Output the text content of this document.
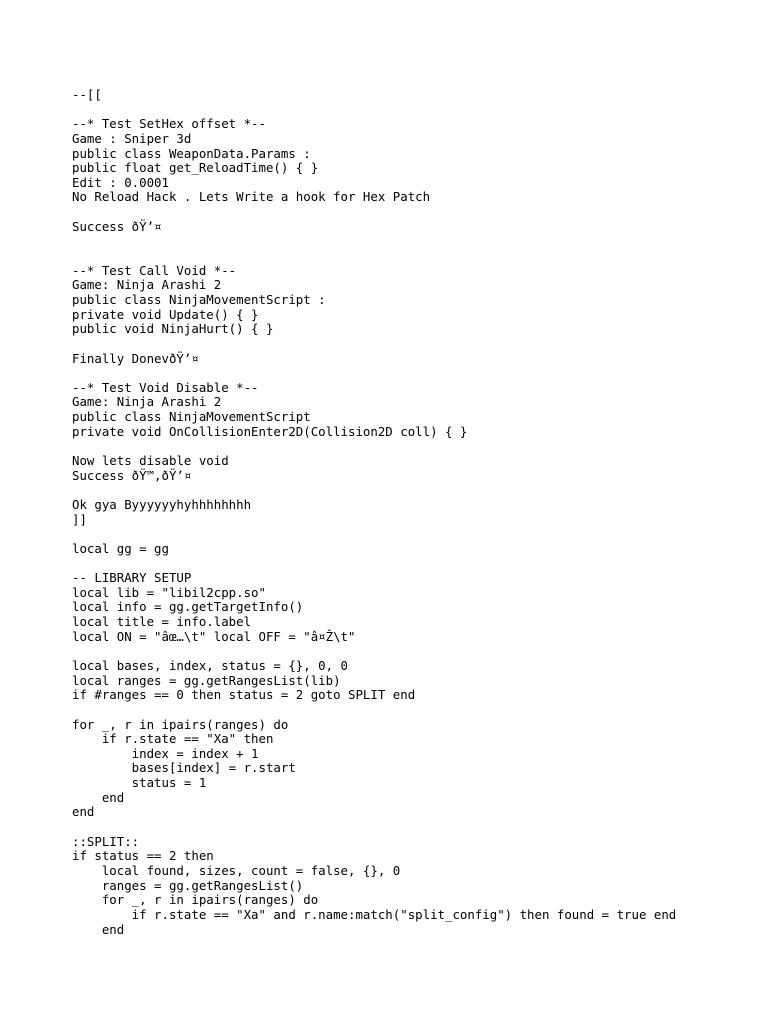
--[[
--* Test SetHex offset *--
Game : Sniper 3d
public class WeaponData.Params :
public float get_ReloadTime() { }
Edit : 0.0001
No Reload Hack . Lets Write a hook for Hex Patch
Success ðŸ’¤
--* Test Call Void *--
Game: Ninja Arashi 2
public class NinjaMovementScript :
private void Update() { }
public void NinjaHurt() { }
Finally DonevðŸ’¤
--* Test Void Disable *--
Game: Ninja Arashi 2
public class NinjaMovementScript
private void OnCollisionEnter2D(Collision2D coll) { }
Now lets disable void
Success ðŸ™‚ðŸ’¤
Ok gya Byyyyyyhyhhhhhhhh
]]
local gg = gg
-- LIBRARY SETUP
local lib = "libil2cpp.so"
local info = gg.getTargetInfo()
local title = info.label
local ON = "âœ…\t" local OFF = "â¤Ž\t"
local bases, index, status = {}, 0, 0
local ranges = gg.getRangesList(lib)
if #ranges == 0 then status = 2 goto SPLIT end
for _, r in ipairs(ranges) do
if r.state == "Xa" then
index = index + 1
bases[index] = r.start
status = 1
end
end
::SPLIT::
if status == 2 then
local found, sizes, count = false, {}, 0
ranges = gg.getRangesList()
for _, r in ipairs(ranges) do
if r.state == "Xa" and r.name:match("split_config") then found = true end
end
